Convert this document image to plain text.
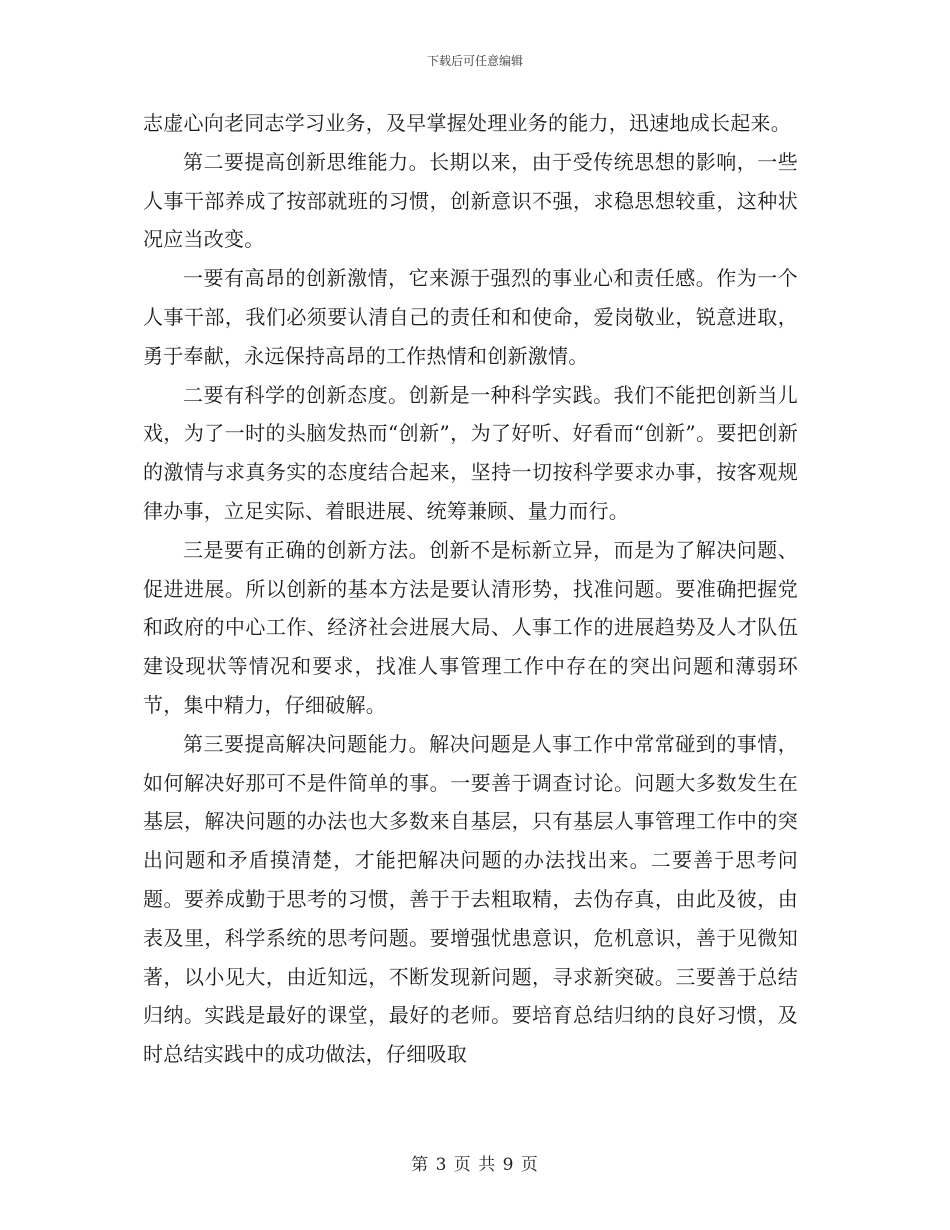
下载后可任意编辑

志虚心向老同志学习业务，及早掌握处理业务的能力，迅速地成长起来。

第二要提高创新思维能力。长期以来，由于受传统思想的影响，一些人事干部养成了按部就班的习惯，创新意识不强，求稳思想较重，这种状况应当改变。

一要有高昂的创新激情，它来源于强烈的事业心和责任感。作为一个人事干部，我们必须要认清自己的责任和和使命，爱岗敬业，锐意进取，勇于奉献，永远保持高昂的工作热情和创新激情。

二要有科学的创新态度。创新是一种科学实践。我们不能把创新当儿戏，为了一时的头脑发热而“创新”，为了好听、好看而“创新”。要把创新的激情与求真务实的态度结合起来，坚持一切按科学要求办事，按客观规律办事，立足实际、着眼进展、统筹兼顾、量力而行。

三是要有正确的创新方法。创新不是标新立异，而是为了解决问题、促进进展。所以创新的基本方法是要认清形势，找准问题。要准确把握党和政府的中心工作、经济社会进展大局、人事工作的进展趋势及人才队伍建设现状等情况和要求，找准人事管理工作中存在的突出问题和薄弱环节，集中精力，仔细破解。

第三要提高解决问题能力。解决问题是人事工作中常常碰到的事情，如何解决好那可不是件简单的事。一要善于调查讨论。问题大多数发生在基层，解决问题的办法也大多数来自基层，只有基层人事管理工作中的突出问题和矛盾摸清楚，才能把解决问题的办法找出来。二要善于思考问题。要养成勤于思考的习惯，善于于去粗取精，去伪存真，由此及彼，由表及里，科学系统的思考问题。要增强忧患意识，危机意识，善于见微知著，以小见大，由近知远，不断发现新问题，寻求新突破。三要善于总结归纳。实践是最好的课堂，最好的老师。要培育总结归纳的良好习惯，及时总结实践中的成功做法，仔细吸取

第 3 页 共 9 页
